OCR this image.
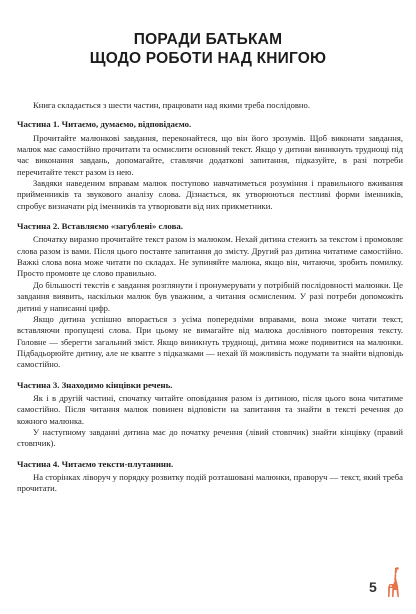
ПОРАДИ БАТЬКАМ
ЩОДО РОБОТИ НАД КНИГОЮ

Книга складається з шести частин, працювати над якими треба послідовно.

Частина 1. Читаємо, думаємо, відповідаємо.

Прочитайте малюнкові завдання, переконайтеся, що він його зрозумів. Щоб виконати завдання, малюк має самостійно прочитати та осмислити основний текст. Якщо у дитини виникнуть труднощі під час виконання завдань, допомагайте, ставлячи додаткові запитання, підказуйте, в разі потреби перечитайте текст разом із нею.

Завдяки наведеним вправам малюк поступово навчатиметься розуміння і правильного вживання прийменників та звукового аналізу слова. Дізнається, як утворюються пестливі форми іменників, спробує визначати рід іменників та утворювати від них прикметники.

Частина 2. Вставляємо «загублені» слова.

Спочатку виразно прочитайте текст разом із малюком. Нехай дитина стежить за текстом і промовляє слова разом із вами. Після цього поставте запитання до змісту. Другий раз дитина читатиме самостійно. Важкі слова вона може читати по складах. Не зупиняйте малюка, якщо він, читаючи, зробить помилку. Просто промовте це слово правильно.

До більшості текстів є завдання розглянути і пронумерувати у потрібній послідовності малюнки. Це завдання виявить, наскільки малюк був уважним, а читання осмисленим. У разі потреби допоможіть дитині у написанні цифр.

Якщо дитина успішно впорається з усіма попередніми вправами, вона зможе читати текст, вставляючи пропущені слова. При цьому не вимагайте від малюка дослівного повторення тексту. Головне — зберегти загальний зміст. Якщо виникнуть труднощі, дитина може подивитися на малюнки. Підбадьорюйте дитину, але не квапте з підказками — нехай їй можливість подумати та знайти відповідь самостійно.

Частина 3. Знаходимо кінцівки речень.

Як і в другій частині, спочатку читайте оповідання разом із дитиною, після цього вона читатиме самостійно. Після читання малюк повинен відповісти на запитання та знайти в тексті речення до кожного малюнка.

У наступному завданні дитина має до початку речення (лівий стовпчик) знайти кінцівку (правий стовпчик).

Частина 4. Читаємо тексти-плутанини.

На сторінках ліворуч у порядку розвитку подій розташовані малюнки, праворуч — текст, який треба прочитати.

5
